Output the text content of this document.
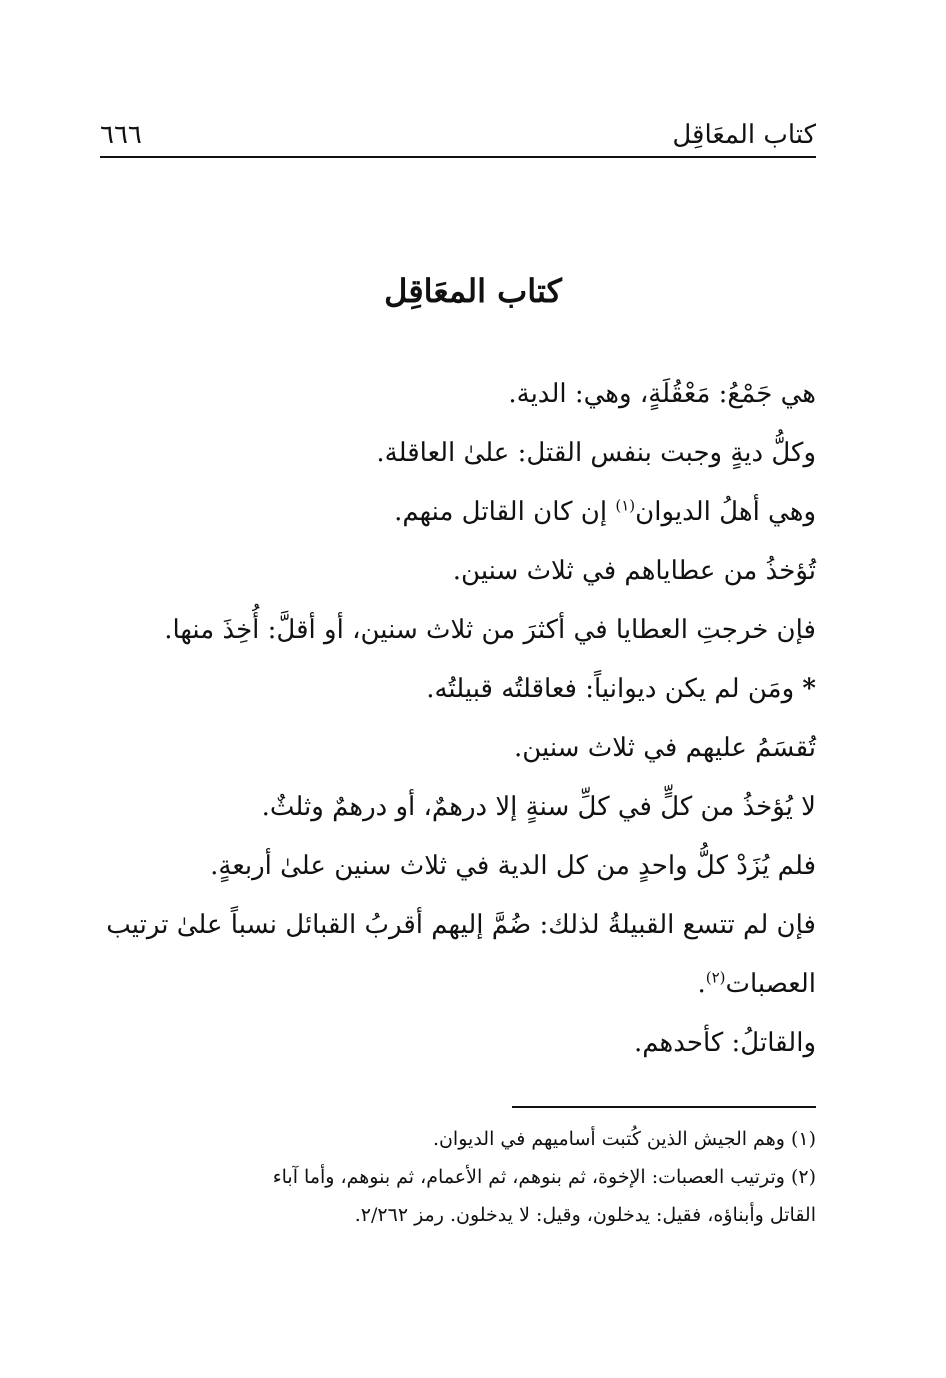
٦٦٦	كتاب المعَاقِل
كتاب المعَاقِل
هي جَمْعُ: مَعْقُلَةٍ، وهي: الدية.
وكلُّ ديةٍ وجبت بنفس القتل: علىٰ العاقلة.
وهي أهلُ الديوان$^{(١)}$ إن كان القاتل منهم.
تُؤخذُ من عطاياهم في ثلاث سنين.
فإن خرجتِ العطايا في أكثرَ من ثلاث سنين، أو أقلَّ: أُخِذَ منها.
* ومَن لم يكن ديوانياً: فعاقلتُه قبيلتُه.
تُقسَمُ عليهم في ثلاث سنين.
لا يُؤخذُ من كلٍّ في كلِّ سنةٍ إلا درهمٌ، أو درهمٌ وثلثٌ.
فلم يُزَدْ كلُّ واحدٍ من كل الدية في ثلاث سنين علىٰ أربعةٍ.
فإن لم تتسع القبيلةُ لذلك: ضُمَّ إليهم أقربُ القبائل نسباً علىٰ ترتيب
العصبات$^{(٢)}$.
والقاتلُ: كأحدهم.
(١) وهم الجيش الذين كُتبت أساميهم في الديوان.
(٢) وترتيب العصبات: الإخوة، ثم بنوهم، ثم الأعمام، ثم بنوهم، وأما آباء
القاتل وأبناؤه، فقيل: يدخلون، وقيل: لا يدخلون. رمز ٢/٢٦٢.
